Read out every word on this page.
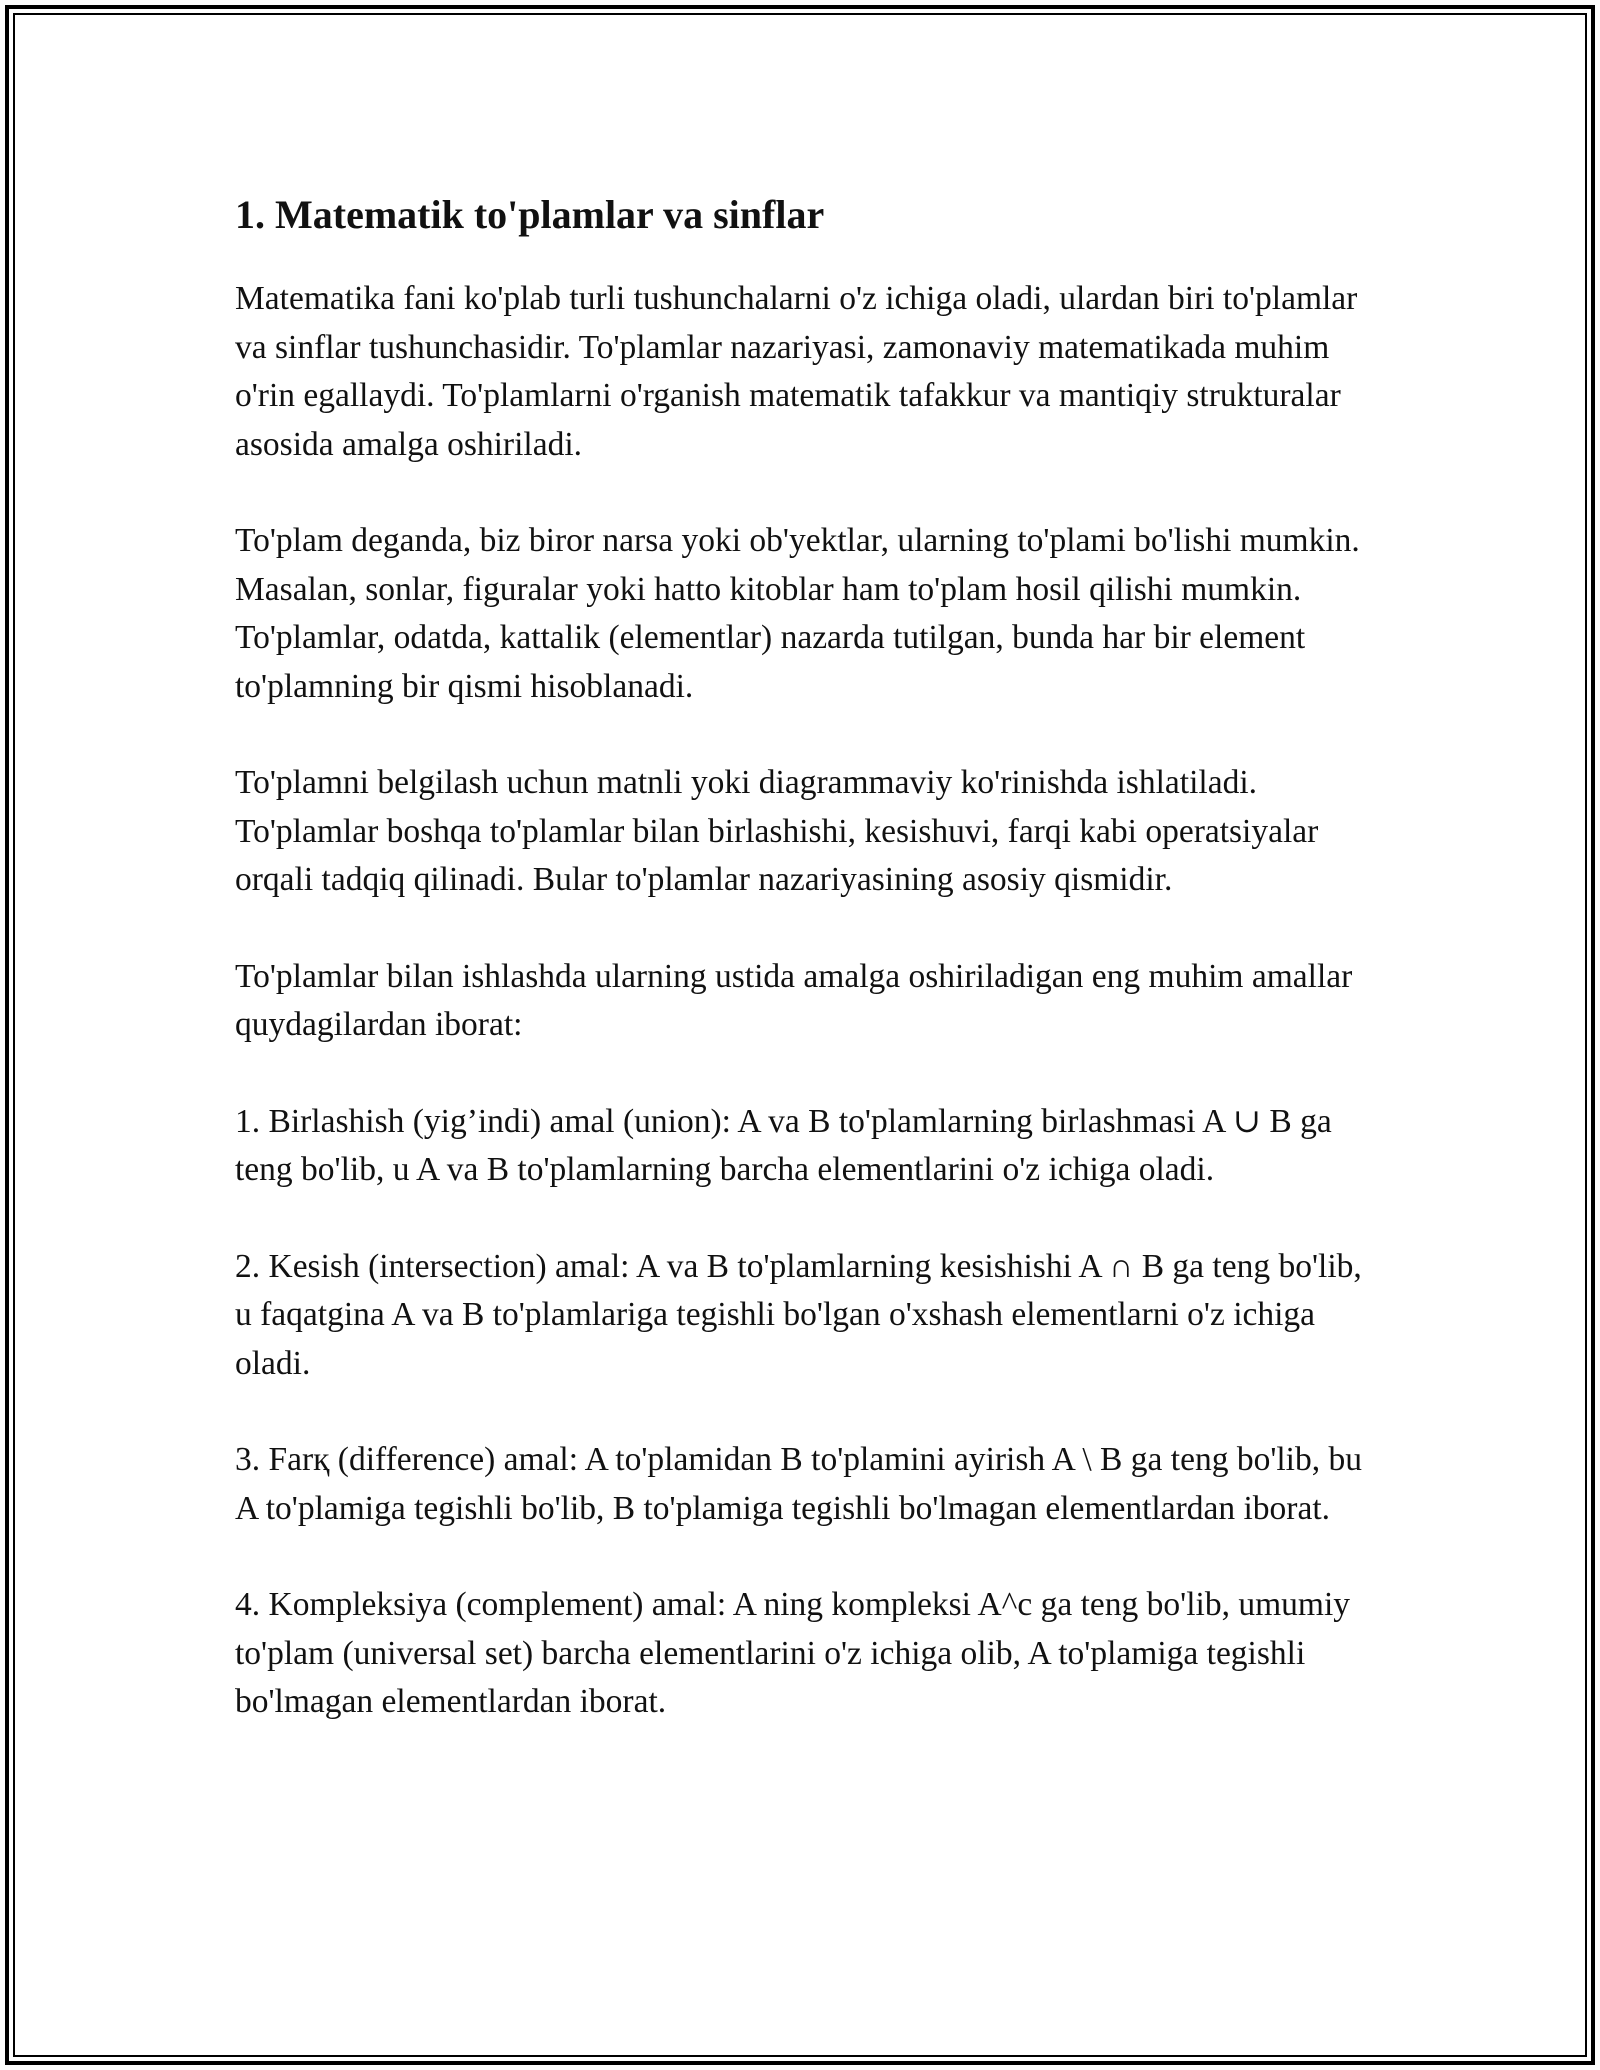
1. Matematik to'plamlar va sinflar

Matematika fani ko'plab turli tushunchalarni o'z ichiga oladi, ulardan biri to'plamlar va sinflar tushunchasidir. To'plamlar nazariyasi, zamonaviy matematikada muhim o'rin egallaydi. To'plamlarni o'rganish matematik tafakkur va mantiqiy strukturalar asosida amalga oshiriladi.

To'plam deganda, biz biror narsa yoki ob'yektlar, ularning to'plami bo'lishi mumkin. Masalan, sonlar, figuralar yoki hatto kitoblar ham to'plam hosil qilishi mumkin. To'plamlar, odatda, kattalik (elementlar) nazarda tutilgan, bunda har bir element to'plamning bir qismi hisoblanadi.

To'plamni belgilash uchun matnli yoki diagrammaviy ko'rinishda ishlatiladi. To'plamlar boshqa to'plamlar bilan birlashishi, kesishuvi, farqi kabi operatsiyalar orqali tadqiq qilinadi. Bular to'plamlar nazariyasining asosiy qismidir.

To'plamlar bilan ishlashda ularning ustida amalga oshiriladigan eng muhim amallar quydagilardan iborat:

1. Birlashish (yig’indi) amal (union): A va B to'plamlarning birlashmasi A ∪ B ga teng bo'lib, u A va B to'plamlarning barcha elementlarini o'z ichiga oladi.

2. Kesish (intersection) amal: A va B to'plamlarning kesishishi A ∩ B ga teng bo'lib, u faqatgina A va B to'plamlariga tegishli bo'lgan o'xshash elementlarni o'z ichiga oladi.

3. Farқ (difference) amal: A to'plamidan B to'plamini ayirish A \ B ga teng bo'lib, bu A to'plamiga tegishli bo'lib, B to'plamiga tegishli bo'lmagan elementlardan iborat.

4. Kompleksiya (complement) amal: A ning kompleksi A^c ga teng bo'lib, umumiy to'plam (universal set) barcha elementlarini o'z ichiga olib, A to'plamiga tegishli bo'lmagan elementlardan iborat.
